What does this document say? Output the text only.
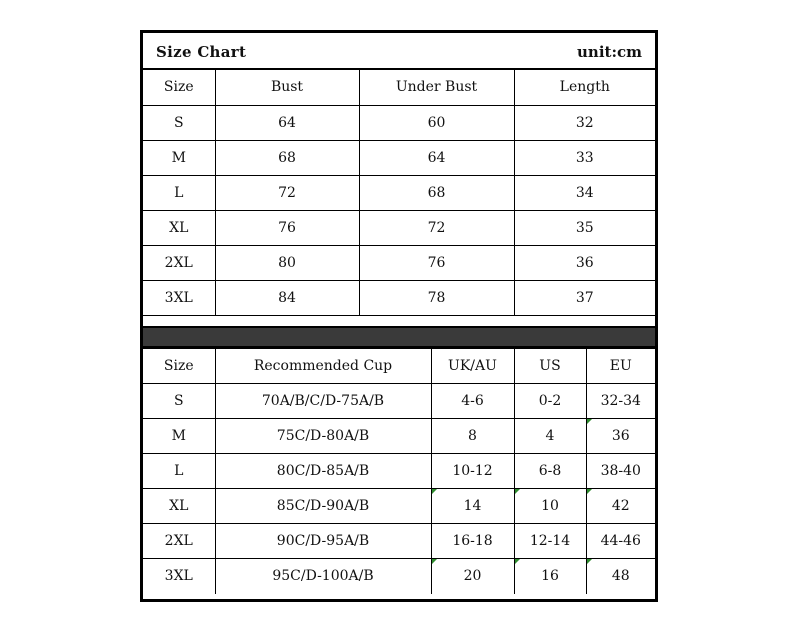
Size Chart	unit:cm
Size	Bust	Under Bust	Length
S	64	60	32
M	68	64	33
L	72	68	34
XL	76	72	35
2XL	80	76	36
3XL	84	78	37
Size	Recommended Cup	UK/AU	US	EU
S	70A/B/C/D-75A/B	4-6	0-2	32-34
M	75C/D-80A/B	8	4	36
L	80C/D-85A/B	10-12	6-8	38-40
XL	85C/D-90A/B	14	10	42
2XL	90C/D-95A/B	16-18	12-14	44-46
3XL	95C/D-100A/B	20	16	48
